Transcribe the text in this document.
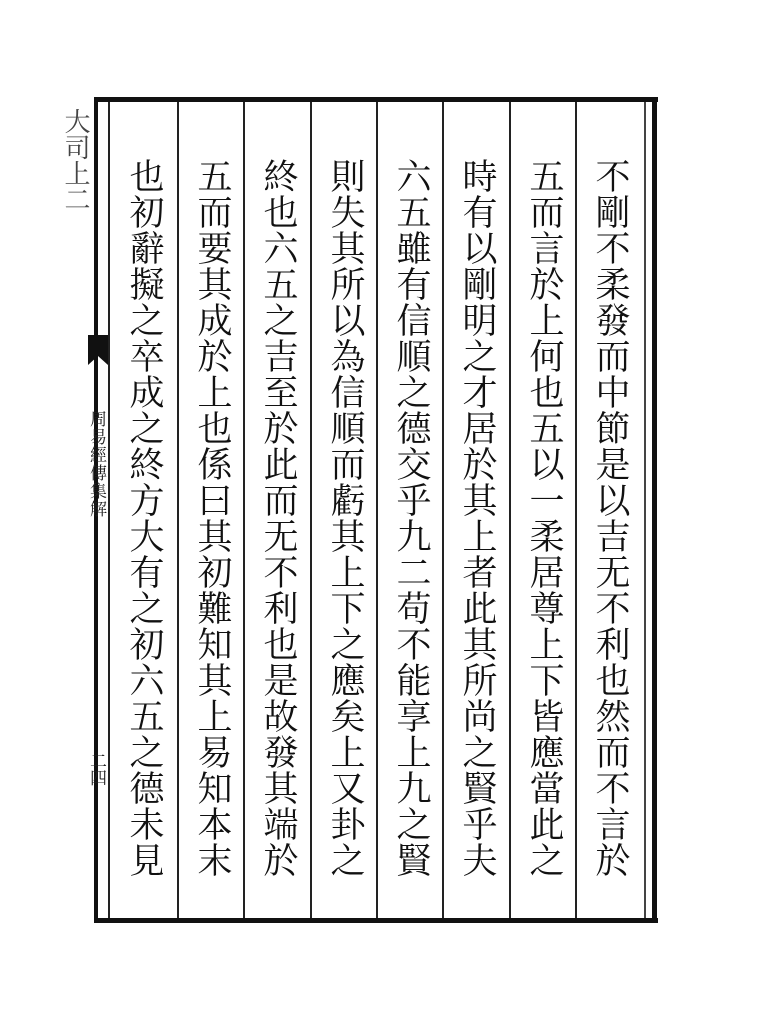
不剛不柔發而中節是以吉无不利也然而不言於
五而言於上何也五以一柔居尊上下皆應當此之
時有以剛明之才居於其上者此其所尚之賢乎夫
六五雖有信順之德交乎九二苟不能享上九之賢
則失其所以為信順而虧其上下之應矣上又卦之
終也六五之吉至於此而无不利也是故發其端於
五而要其成於上也係曰其初難知其上易知本末
也初辭擬之卒成之終方大有之初六五之德未見
大司上二
周易經傳集解
二四
